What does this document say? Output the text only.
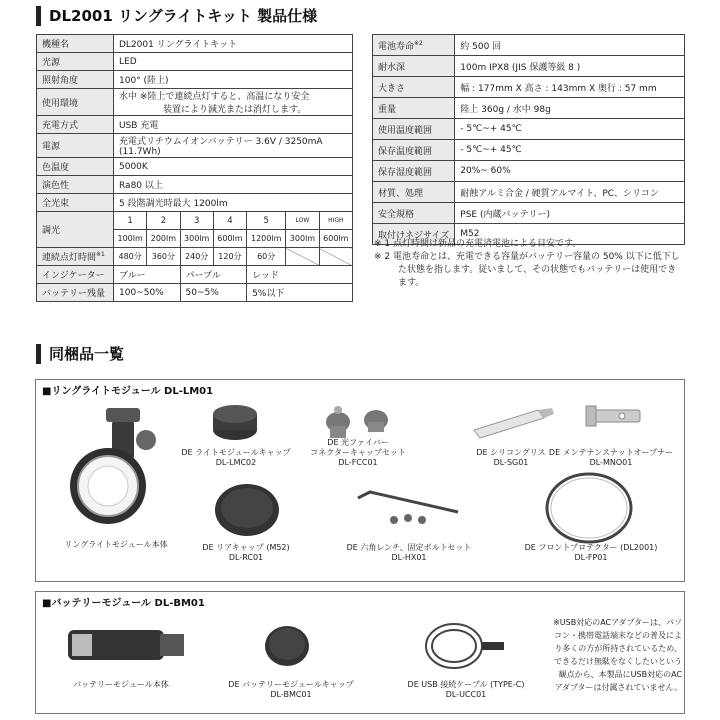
DL2001 リングライトキット 製品仕様
機種名	DL2001 リングライトキット						

光源	LED						

照射角度	100° (陸上)						

使用環境	水中 ※陸上で連続点灯すると、高温になり安全
装置により減光または消灯します。						

充電方式	USB 充電						

電源	充電式リチウムイオンバッテリー 3.6V / 3250mA
(11.7Wh)						

色温度	5000K						

演色性	Ra80 以上						

全光束	5 段階調光時最大 1200lm						

調光	1	2	3	4	5	LOW	HIGH
	100lm	200lm	300lm	600lm	1200lm	300lm	600lm
連続点灯時間$^{※1}$	480分	360分	240分	120分	60分		
インジケーター	ブルー		パープル		レッド		
バッテリー残量	100~50%		50~5%		5%以下		
電池寿命$^{※2}$	約 500 回
耐水深	100m IPX8 (JIS 保護等級 8 )
大きさ	幅 : 177mm X 高さ : 143mm X 奥行 : 57 mm
重量	陸上 360g / 水中 98g
使用温度範囲	- 5℃~+ 45℃
保存温度範囲	- 5℃~+ 45℃
保存湿度範囲	20%~ 60%
材質、処理	耐蝕アルミ合金 / 硬質アルマイト、PC、シリコン
安全規格	PSE (内蔵バッテリー)
取付けネジサイズ	M52
※ 1 点灯時間は新品の充電済電池による目安です。
※ 2 電池寿命とは、充電できる容量がバッテリー容量の 50% 以下に低下した状態を指します。従いまして、その状態でもバッテリーは使用できます。
同梱品一覧
■リングライトモジュール DL-LM01
リングライトモジュール本体
DE ライトモジュールキャップ
DL-LMC02
DE 光ファイバー
コネクターキャップセット
DL-FCC01
DE シリコングリス
DL-SG01
DE メンテナンスナットオープナー
DL-MNO01
DE リアキャップ (M52)
DL-RC01
DE 六角レンチ、固定ボルトセット
DL-HX01
DE フロントプロテクター (DL2001)
DL-FP01
■バッテリーモジュール DL-BM01
バッテリーモジュール本体	DE バッテリーモジュールキャップ
DL-BMC01
DE USB 接続ケーブル (TYPE-C)
DL-UCC01
※USB対応のACアダプターは、パソ
コン・携帯電話端末などの普及によ
り多くの方が所持されているため、
できるだけ無駄をなくしたいという
観点から、本製品にUSB対応のAC
アダプターは付属されていません。
